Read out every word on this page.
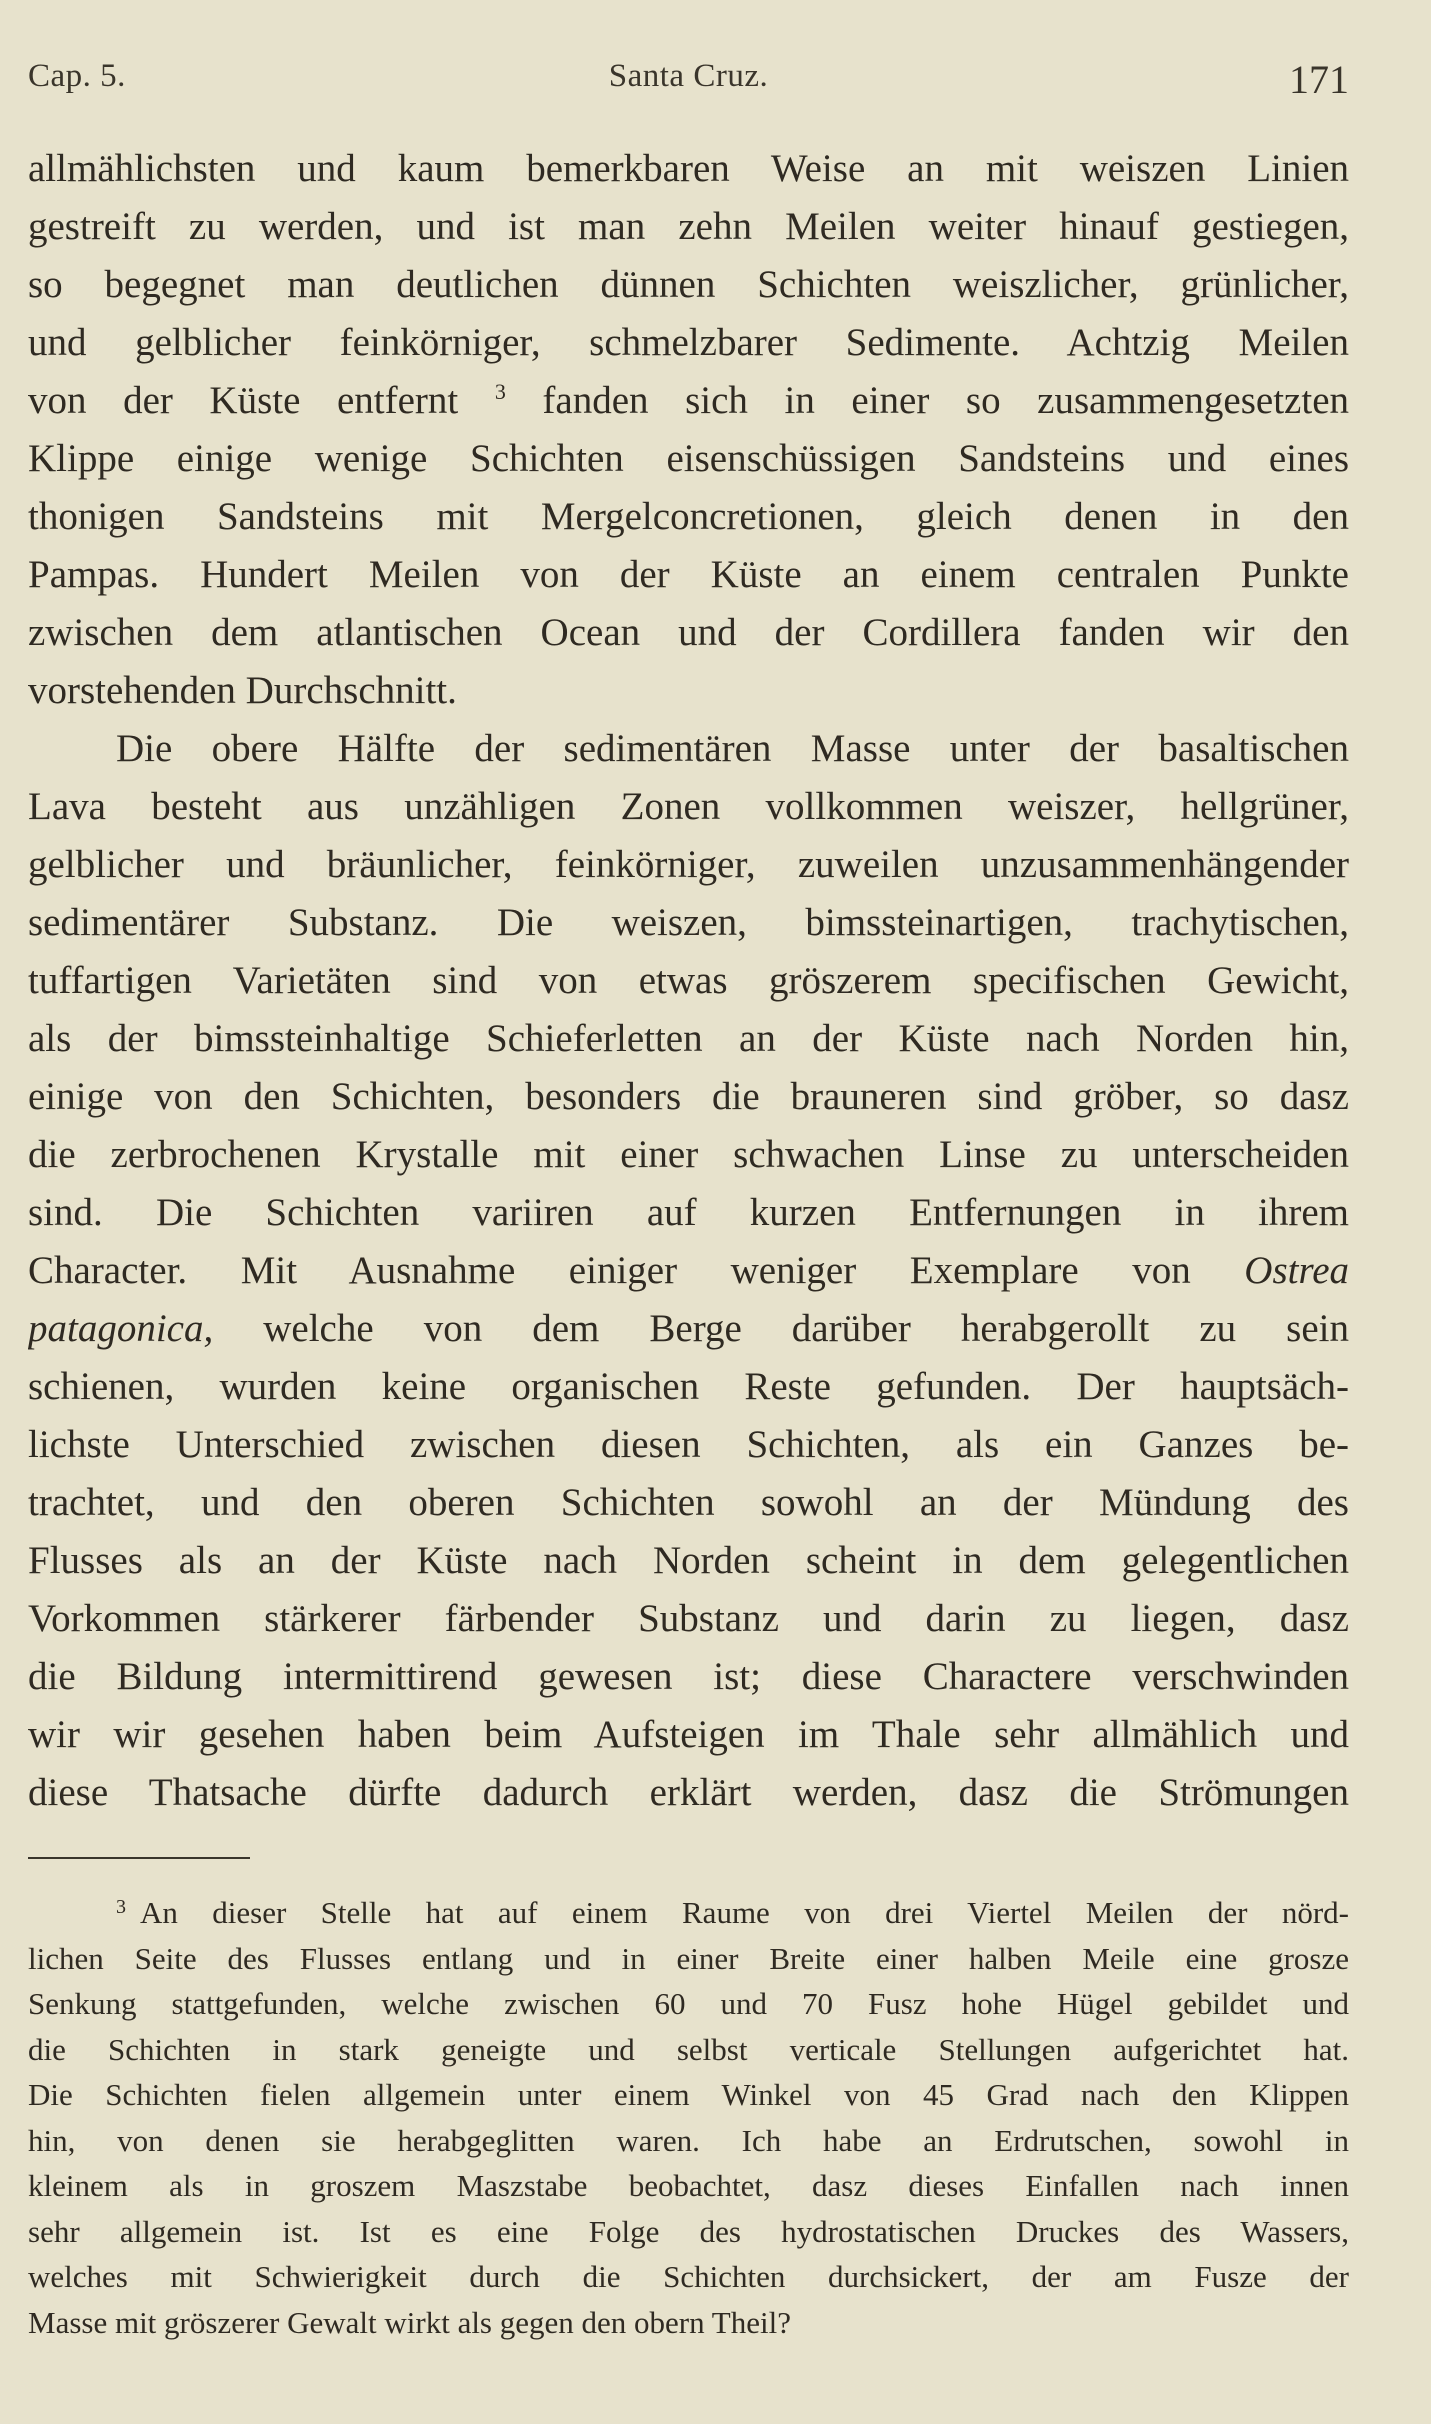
Cap. 5.	Santa Cruz.	171
allmählichsten und kaum bemerkbaren Weise an mit weiszen Linien
gestreift zu werden, und ist man zehn Meilen weiter hinauf gestiegen,
so begegnet man deutlichen dünnen Schichten weiszlicher, grünlicher,
und gelblicher feinkörniger, schmelzbarer Sedimente. Achtzig Meilen
von der Küste entfernt $^3$ fanden sich in einer so zusammengesetzten
Klippe einige wenige Schichten eisenschüssigen Sandsteins und eines
thonigen Sandsteins mit Mergelconcretionen, gleich denen in den
Pampas. Hundert Meilen von der Küste an einem centralen Punkte
zwischen dem atlantischen Ocean und der Cordillera fanden wir den
vorstehenden Durchschnitt.
Die obere Hälfte der sedimentären Masse unter der basaltischen
Lava besteht aus unzähligen Zonen vollkommen weiszer, hellgrüner,
gelblicher und bräunlicher, feinkörniger, zuweilen unzusammenhängender
sedimentärer Substanz. Die weiszen, bimssteinartigen, trachytischen,
tuffartigen Varietäten sind von etwas gröszerem specifischen Gewicht,
als der bimssteinhaltige Schieferletten an der Küste nach Norden hin,
einige von den Schichten, besonders die brauneren sind gröber, so dasz
die zerbrochenen Krystalle mit einer schwachen Linse zu unterscheiden
sind. Die Schichten variiren auf kurzen Entfernungen in ihrem
Character. Mit Ausnahme einiger weniger Exemplare von Ostrea
patagonica, welche von dem Berge darüber herabgerollt zu sein
schienen, wurden keine organischen Reste gefunden. Der hauptsäch-
lichste Unterschied zwischen diesen Schichten, als ein Ganzes be-
trachtet, und den oberen Schichten sowohl an der Mündung des
Flusses als an der Küste nach Norden scheint in dem gelegentlichen
Vorkommen stärkerer färbender Substanz und darin zu liegen, dasz
die Bildung intermittirend gewesen ist; diese Charactere verschwinden
wir wir gesehen haben beim Aufsteigen im Thale sehr allmählich und
diese Thatsache dürfte dadurch erklärt werden, dasz die Strömungen
$^3$ An dieser Stelle hat auf einem Raume von drei Viertel Meilen der nörd-
lichen Seite des Flusses entlang und in einer Breite einer halben Meile eine grosze
Senkung stattgefunden, welche zwischen 60 und 70 Fusz hohe Hügel gebildet und
die Schichten in stark geneigte und selbst verticale Stellungen aufgerichtet hat.
Die Schichten fielen allgemein unter einem Winkel von 45 Grad nach den Klippen
hin, von denen sie herabgeglitten waren. Ich habe an Erdrutschen, sowohl in
kleinem als in groszem Maszstabe beobachtet, dasz dieses Einfallen nach innen
sehr allgemein ist. Ist es eine Folge des hydrostatischen Druckes des Wassers,
welches mit Schwierigkeit durch die Schichten durchsickert, der am Fusze der
Masse mit gröszerer Gewalt wirkt als gegen den obern Theil?
